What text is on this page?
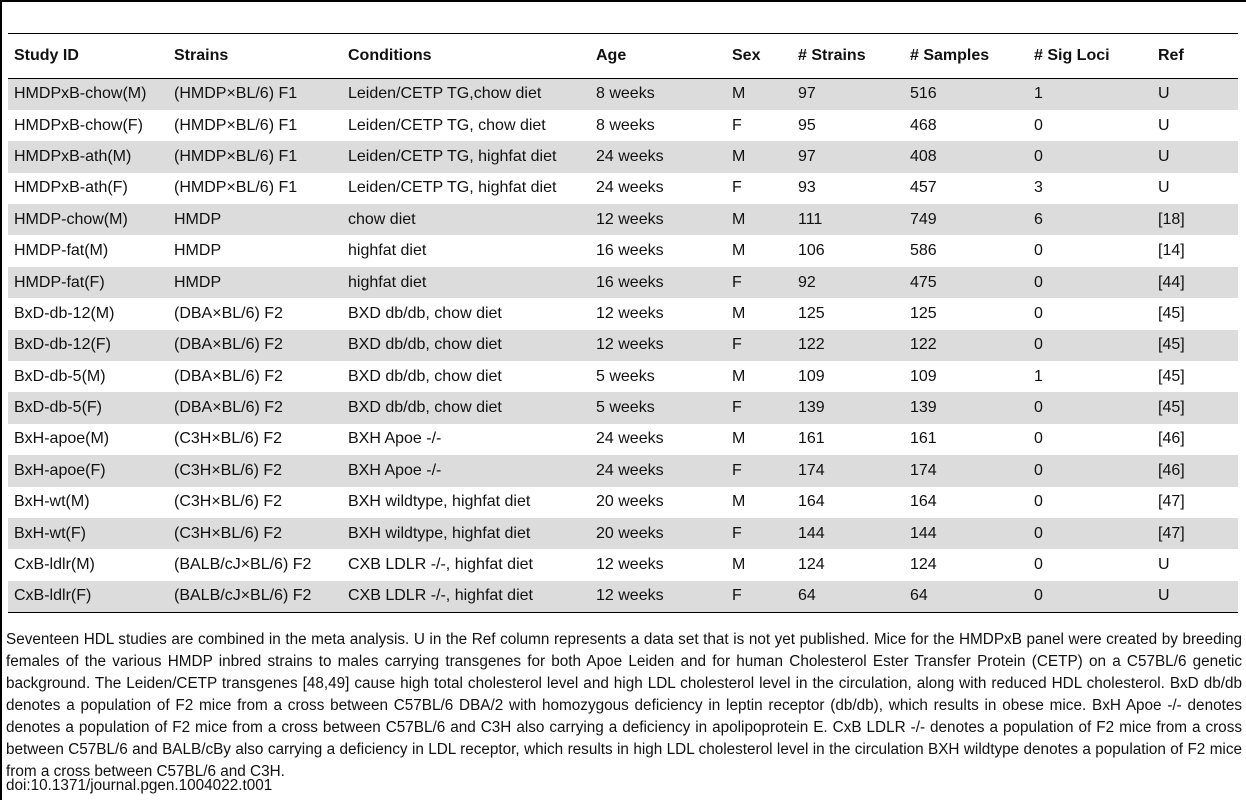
Study ID	Strains	Conditions	Age	Sex	# Strains	# Samples	# Sig Loci	Ref
HMDPxB-chow(M)	(HMDP×BL/6) F1	Leiden/CETP TG,chow diet	8 weeks	M	97	516	1	U
HMDPxB-chow(F)	(HMDP×BL/6) F1	Leiden/CETP TG, chow diet	8 weeks	F	95	468	0	U
HMDPxB-ath(M)	(HMDP×BL/6) F1	Leiden/CETP TG, highfat diet	24 weeks	M	97	408	0	U
HMDPxB-ath(F)	(HMDP×BL/6) F1	Leiden/CETP TG, highfat diet	24 weeks	F	93	457	3	U
HMDP-chow(M)	HMDP	chow diet	12 weeks	M	111	749	6	[18]
HMDP-fat(M)	HMDP	highfat diet	16 weeks	M	106	586	0	[14]
HMDP-fat(F)	HMDP	highfat diet	16 weeks	F	92	475	0	[44]
BxD-db-12(M)	(DBA×BL/6) F2	BXD db/db, chow diet	12 weeks	M	125	125	0	[45]
BxD-db-12(F)	(DBA×BL/6) F2	BXD db/db, chow diet	12 weeks	F	122	122	0	[45]
BxD-db-5(M)	(DBA×BL/6) F2	BXD db/db, chow diet	5 weeks	M	109	109	1	[45]
BxD-db-5(F)	(DBA×BL/6) F2	BXD db/db, chow diet	5 weeks	F	139	139	0	[45]
BxH-apoe(M)	(C3H×BL/6) F2	BXH Apoe -/-	24 weeks	M	161	161	0	[46]
BxH-apoe(F)	(C3H×BL/6) F2	BXH Apoe -/-	24 weeks	F	174	174	0	[46]
BxH-wt(M)	(C3H×BL/6) F2	BXH wildtype, highfat diet	20 weeks	M	164	164	0	[47]
BxH-wt(F)	(C3H×BL/6) F2	BXH wildtype, highfat diet	20 weeks	F	144	144	0	[47]
CxB-ldlr(M)	(BALB/cJ×BL/6) F2	CXB LDLR -/-, highfat diet	12 weeks	M	124	124	0	U
CxB-ldlr(F)	(BALB/cJ×BL/6) F2	CXB LDLR -/-, highfat diet	12 weeks	F	64	64	0	U
Seventeen HDL studies are combined in the meta analysis. U in the Ref column represents a data set that is not yet published. Mice for the HMDPxB panel were created by breeding females of the various HMDP inbred strains to males carrying transgenes for both Apoe Leiden and for human Cholesterol Ester Transfer Protein (CETP) on a C57BL/6 genetic background. The Leiden/CETP transgenes [48,49] cause high total cholesterol level and high LDL cholesterol level in the circulation, along with reduced HDL cholesterol. BxD db/db denotes a population of F2 mice from a cross between C57BL/6 DBA/2 with homozygous deficiency in leptin receptor (db/db), which results in obese mice. BxH Apoe -/- denotes denotes a population of F2 mice from a cross between C57BL/6 and C3H also carrying a deficiency in apolipoprotein E. CxB LDLR -/- denotes a population of F2 mice from a cross between C57BL/6 and BALB/cBy also carrying a deficiency in LDL receptor, which results in high LDL cholesterol level in the circulation BXH wildtype denotes a population of F2 mice from a cross between C57BL/6 and C3H.
doi:10.1371/journal.pgen.1004022.t001
